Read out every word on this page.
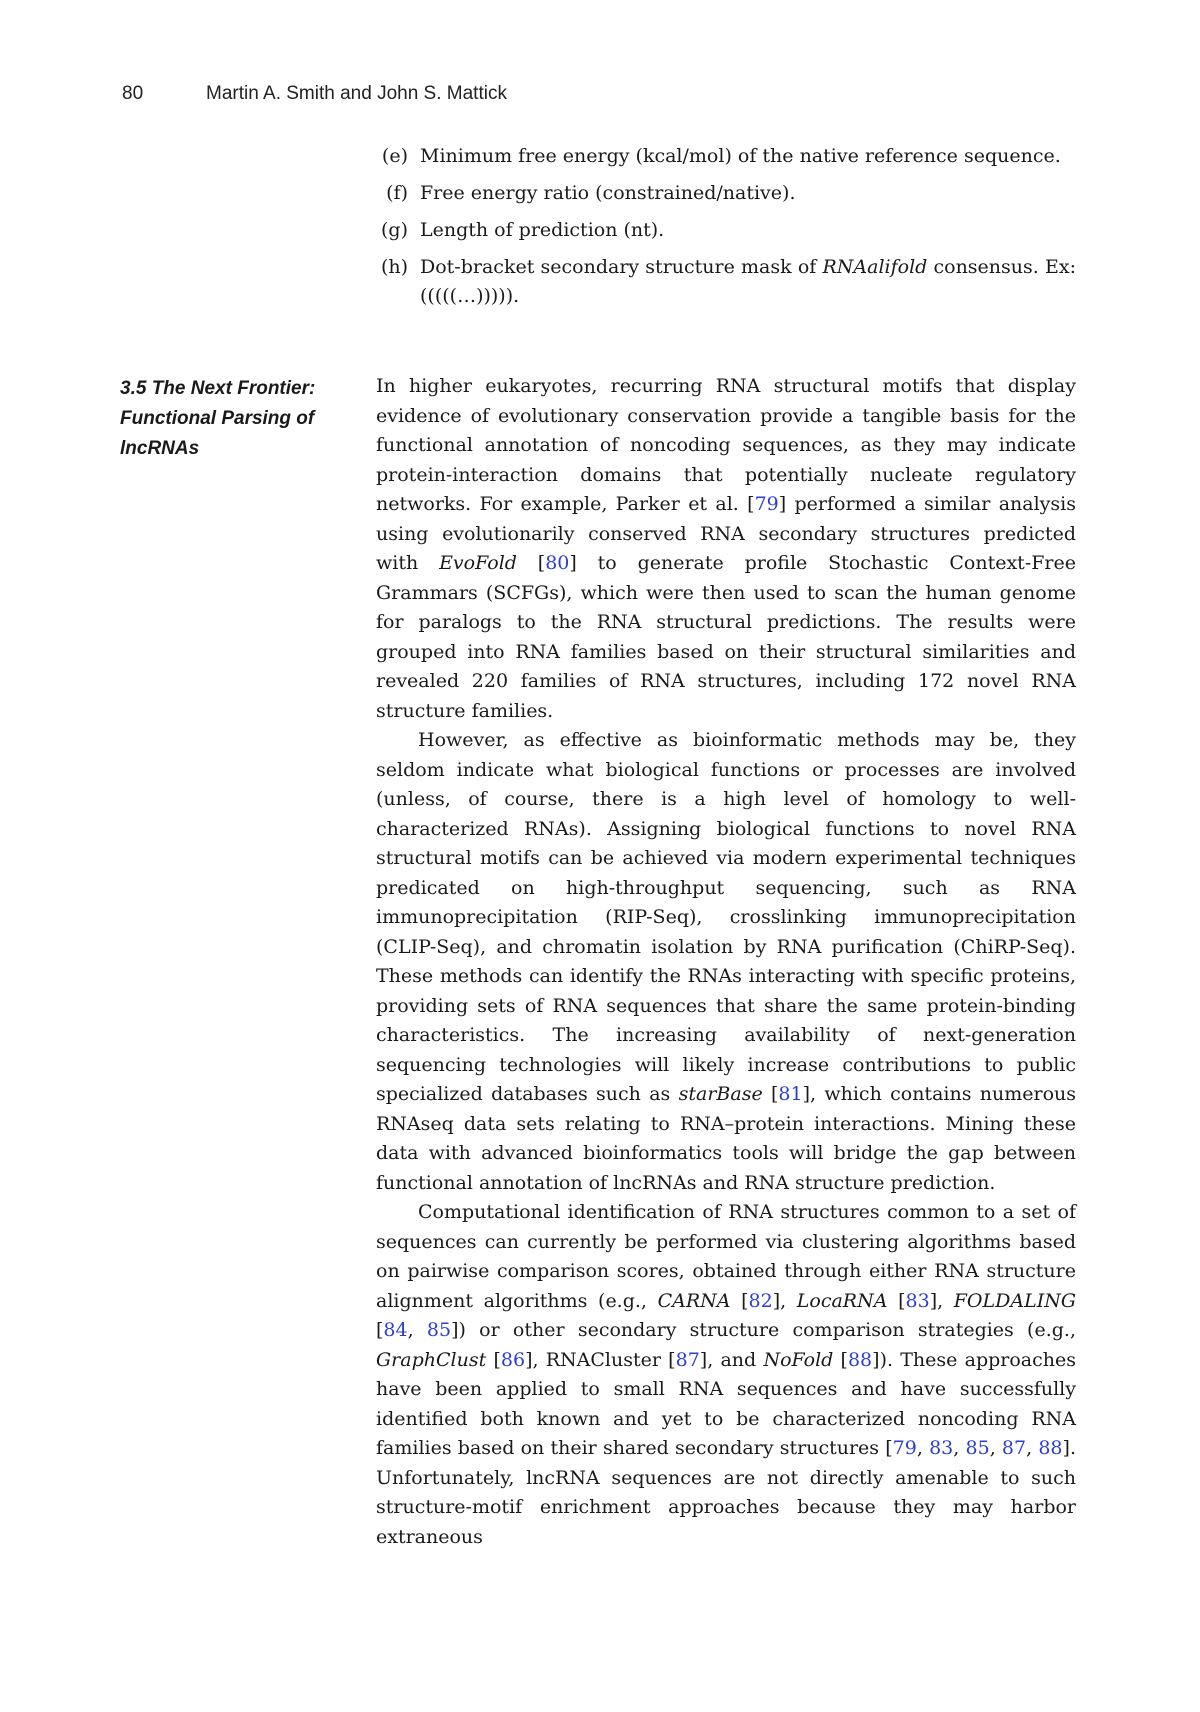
80	Martin A. Smith and John S. Mattick
(e) Minimum free energy (kcal/mol) of the native reference sequence.
(f) Free energy ratio (constrained/native).
(g) Length of prediction (nt).
(h) Dot-bracket secondary structure mask of RNAalifold consensus. Ex: (((((…))))).
3.5 The Next Frontier: Functional Parsing of lncRNAs

In higher eukaryotes, recurring RNA structural motifs that display evidence of evolutionary conservation provide a tangible basis for the functional annotation of noncoding sequences, as they may indicate protein-interaction domains that potentially nucleate regulatory networks. For example, Parker et al. [79] performed a similar analysis using evolutionarily conserved RNA secondary structures predicted with EvoFold [80] to generate profile Stochastic Context-Free Grammars (SCFGs), which were then used to scan the human genome for paralogs to the RNA structural predictions. The results were grouped into RNA families based on their structural similarities and revealed 220 families of RNA structures, including 172 novel RNA structure families.

However, as effective as bioinformatic methods may be, they seldom indicate what biological functions or processes are involved (unless, of course, there is a high level of homology to well-characterized RNAs). Assigning biological functions to novel RNA structural motifs can be achieved via modern experimental techniques predicated on high-throughput sequencing, such as RNA immunoprecipitation (RIP-Seq), crosslinking immunoprecipitation (CLIP-Seq), and chromatin isolation by RNA purification (ChiRP-Seq). These methods can identify the RNAs interacting with specific proteins, providing sets of RNA sequences that share the same protein-binding characteristics. The increasing availability of next-generation sequencing technologies will likely increase contributions to public specialized databases such as starBase [81], which contains numerous RNAseq data sets relating to RNA–protein interactions. Mining these data with advanced bioinformatics tools will bridge the gap between functional annotation of lncRNAs and RNA structure prediction.

Computational identification of RNA structures common to a set of sequences can currently be performed via clustering algorithms based on pairwise comparison scores, obtained through either RNA structure alignment algorithms (e.g., CARNA [82], LocaRNA [83], FOLDALING [84, 85]) or other secondary structure comparison strategies (e.g., GraphClust [86], RNACluster [87], and NoFold [88]). These approaches have been applied to small RNA sequences and have successfully identified both known and yet to be characterized noncoding RNA families based on their shared secondary structures [79, 83, 85, 87, 88]. Unfortunately, lncRNA sequences are not directly amenable to such structure-motif enrichment approaches because they may harbor extraneous
